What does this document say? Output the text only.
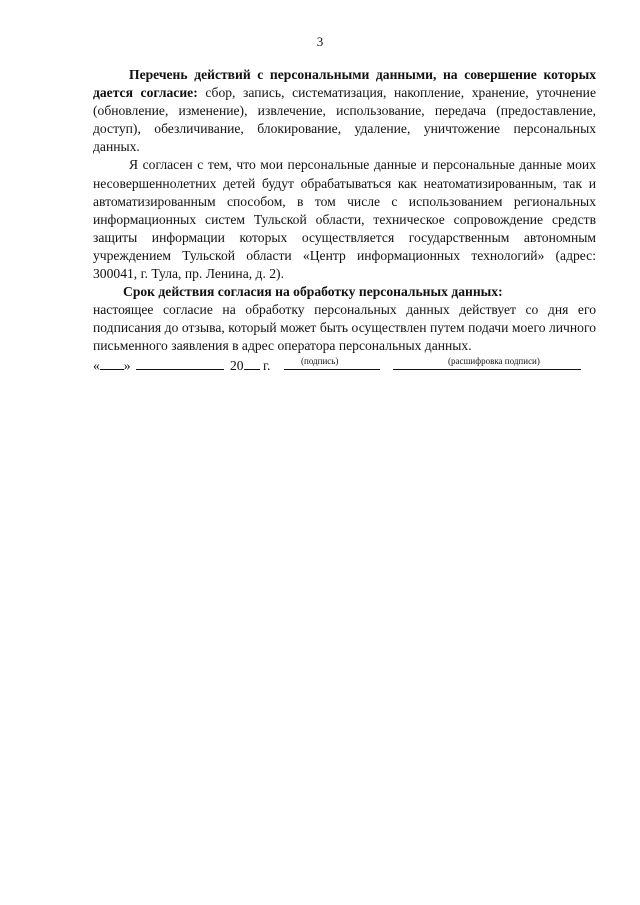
3

Перечень действий с персональными данными, на совершение которых дается согласие: сбор, запись, систематизация, накопление, хранение, уточнение (обновление, изменение), извлечение, использование, передача (предоставление, доступ), обезличивание, блокирование, удаление, уничтожение персональных данных.

Я согласен с тем, что мои персональные данные и персональные данные моих несовершеннолетних детей будут обрабатываться как неатоматизированным, так и автоматизированным способом, в том числе с использованием региональных информационных систем Тульской области, техническое сопровождение средств защиты информации которых осуществляется государственным автономным учреждением Тульской области «Центр информационных технологий» (адрес: 300041, г. Тула, пр. Ленина, д. 2).

Срок действия согласия на обработку персональных данных:

настоящее согласие на обработку персональных данных действует со дня его подписания до отзыва, который может быть осуществлен путем подачи моего личного письменного заявления в адрес оператора персональных данных.

« »	20 г.	(подпись)	(расшифровка подписи)
